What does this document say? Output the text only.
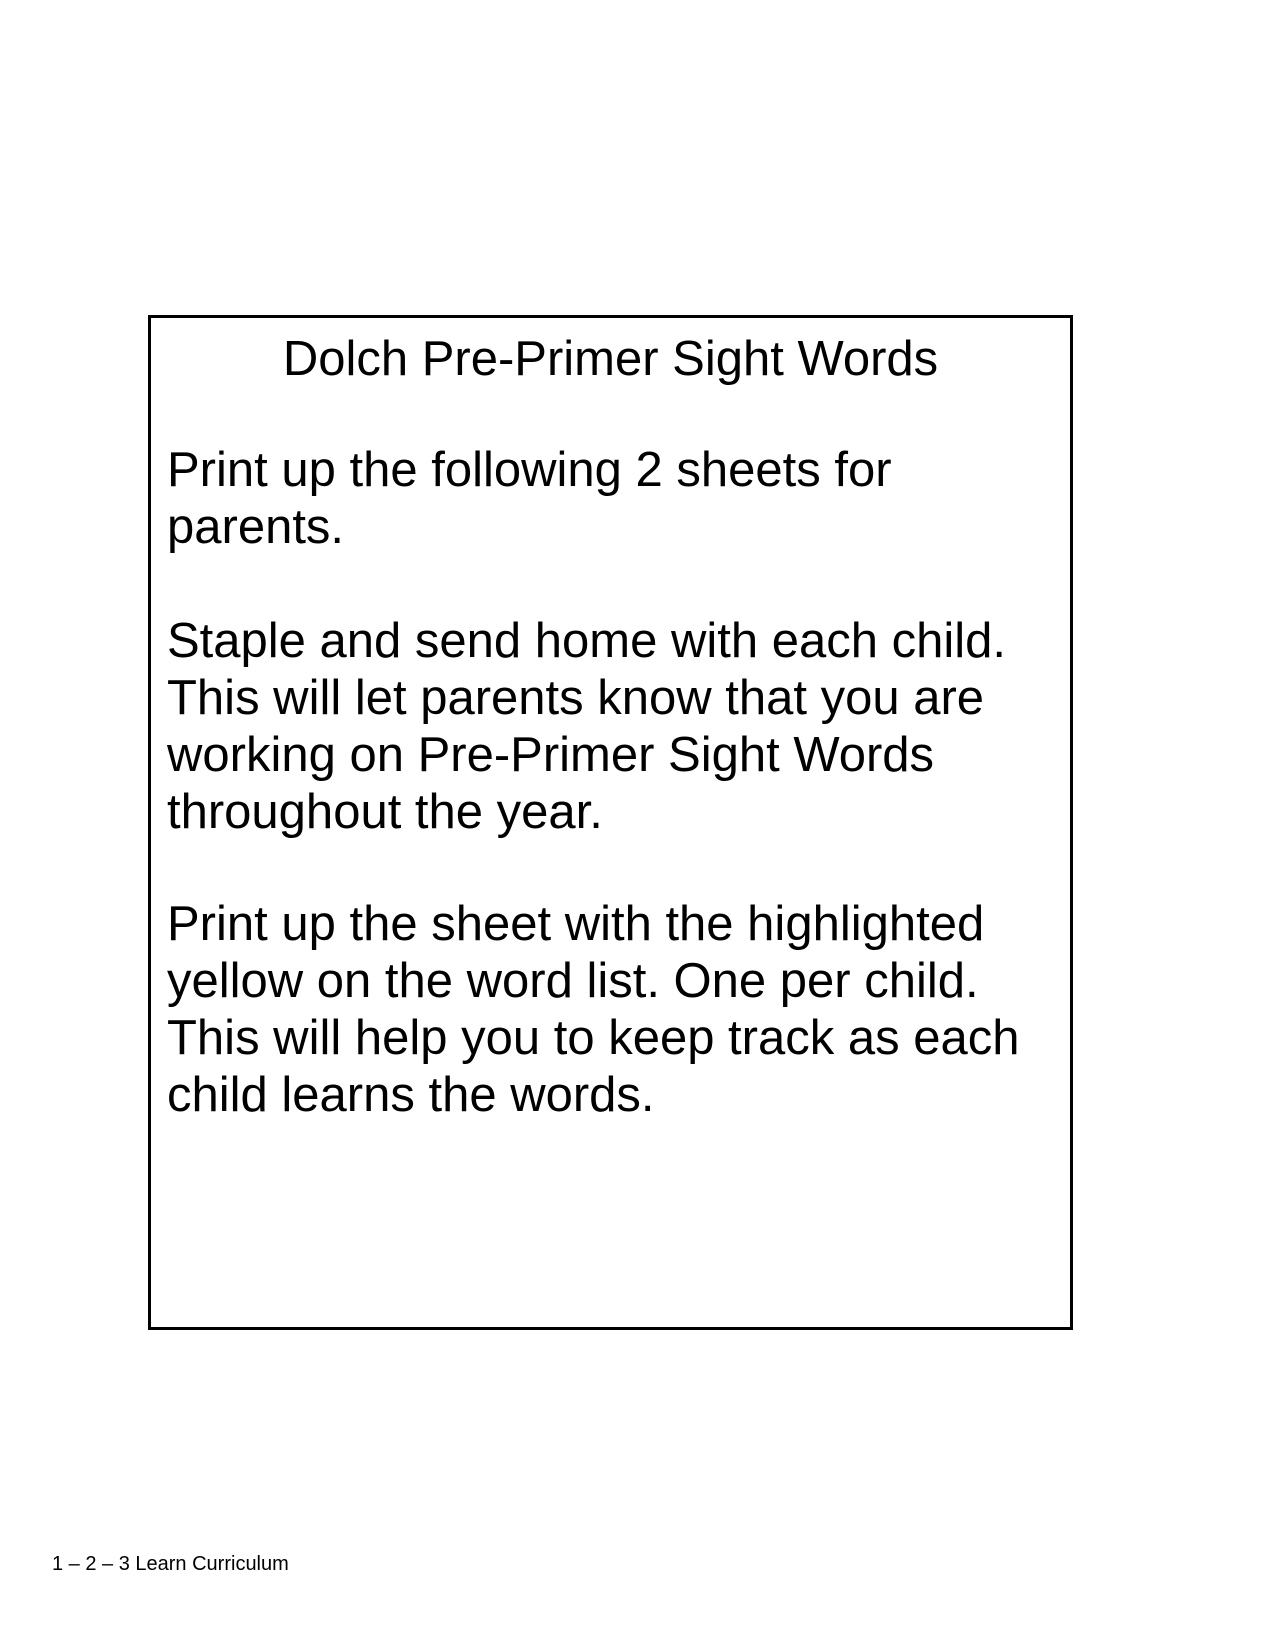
Dolch Pre-Primer Sight Words

Print up the following 2 sheets for
parents.

Staple and send home with each child.
This will let parents know that you are
working on Pre-Primer Sight Words
throughout the year.

Print up the sheet with the highlighted
yellow on the word list. One per child.
This will help you to keep track as each
child learns the words.

1 – 2 – 3 Learn Curriculum
